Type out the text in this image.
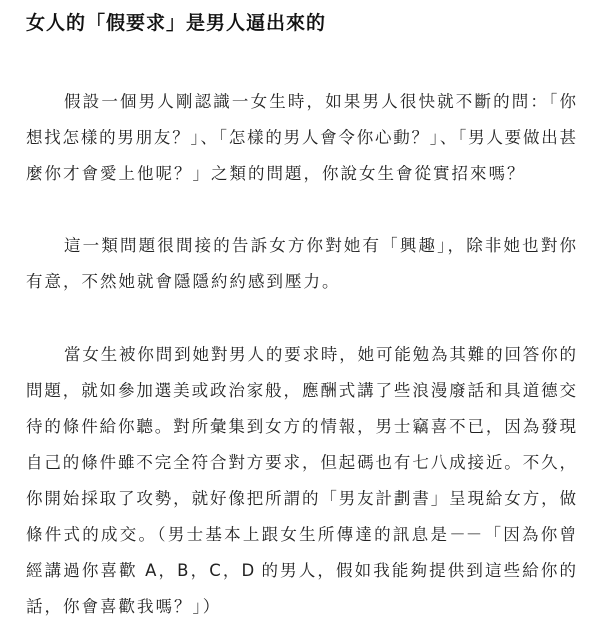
女人的「假要求」是男人逼出來的
假設一個男人剛認識一女生時，如果男人很快就不斷的問：「你
想找怎樣的男朋友？」、「怎樣的男人會令你心動？」、「男人要做出甚
麼你才會愛上他呢？」之類的問題，你說女生會從實招來嗎？
這一類問題很間接的告訴女方你對她有「興趣」，除非她也對你
有意，不然她就會隱隱約約感到壓力。
當女生被你問到她對男人的要求時，她可能勉為其難的回答你的
問題，就如參加選美或政治家般，應酬式講了些浪漫廢話和具道德交
待的條件給你聽。對所彙集到女方的情報，男士竊喜不已，因為發現
自己的條件雖不完全符合對方要求，但起碼也有七八成接近。不久，
你開始採取了攻勢，就好像把所謂的「男友計劃書」呈現給女方，做
條件式的成交。（男士基本上跟女生所傳達的訊息是－－「因為你曾
經講過你喜歡 A，B，C，D 的男人，假如我能夠提供到這些給你的
話，你會喜歡我嗎？」）
